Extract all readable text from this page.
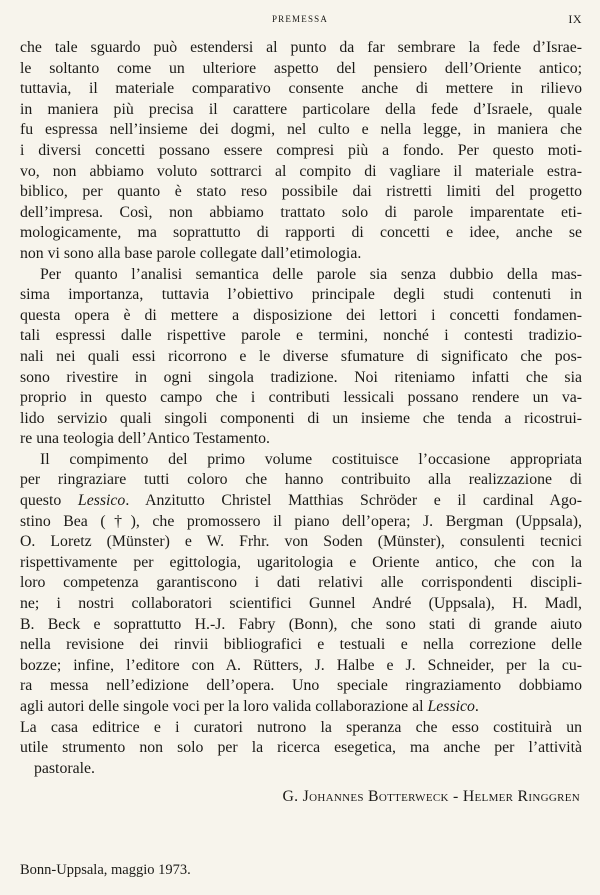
PREMESSA	IX
che tale sguardo può estendersi al punto da far sembrare la fede d’Israe-
le soltanto come un ulteriore aspetto del pensiero dell’Oriente antico;
tuttavia, il materiale comparativo consente anche di mettere in rilievo
in maniera più precisa il carattere particolare della fede d’Israele, quale
fu espressa nell’insieme dei dogmi, nel culto e nella legge, in maniera che
i diversi concetti possano essere compresi più a fondo. Per questo moti-
vo, non abbiamo voluto sottrarci al compito di vagliare il materiale estra-
biblico, per quanto è stato reso possibile dai ristretti limiti del progetto
dell’impresa. Così, non abbiamo trattato solo di parole imparentate eti-
mologicamente, ma soprattutto di rapporti di concetti e idee, anche se
non vi sono alla base parole collegate dall’etimologia.
Per quanto l’analisi semantica delle parole sia senza dubbio della mas-
sima importanza, tuttavia l’obiettivo principale degli studi contenuti in
questa opera è di mettere a disposizione dei lettori i concetti fondamen-
tali espressi dalle rispettive parole e termini, nonché i contesti tradizio-
nali nei quali essi ricorrono e le diverse sfumature di significato che pos-
sono rivestire in ogni singola tradizione. Noi riteniamo infatti che sia
proprio in questo campo che i contributi lessicali possano rendere un va-
lido servizio quali singoli componenti di un insieme che tenda a ricostrui-
re una teologia dell’Antico Testamento.
Il compimento del primo volume costituisce l’occasione appropriata
per ringraziare tutti coloro che hanno contribuito alla realizzazione di
questo Lessico. Anzitutto Christel Matthias Schröder e il cardinal Ago-
stino Bea (†), che promossero il piano dell’opera; J. Bergman (Uppsala),
O. Loretz (Münster) e W. Frhr. von Soden (Münster), consulenti tecnici
rispettivamente per egittologia, ugaritologia e Oriente antico, che con la
loro competenza garantiscono i dati relativi alle corrispondenti discipli-
ne; i nostri collaboratori scientifici Gunnel André (Uppsala), H. Madl,
B. Beck e soprattutto H.-J. Fabry (Bonn), che sono stati di grande aiuto
nella revisione dei rinvii bibliografici e testuali e nella correzione delle
bozze; infine, l’editore con A. Rütters, J. Halbe e J. Schneider, per la cu-
ra messa nell’edizione dell’opera. Uno speciale ringraziamento dobbiamo
agli autori delle singole voci per la loro valida collaborazione al Lessico.
La casa editrice e i curatori nutrono la speranza che esso costituirà un
utile strumento non solo per la ricerca esegetica, ma anche per l’attività
pastorale.
G. Johannes Botterweck - Helmer Ringgren
Bonn-Uppsala, maggio 1973.
